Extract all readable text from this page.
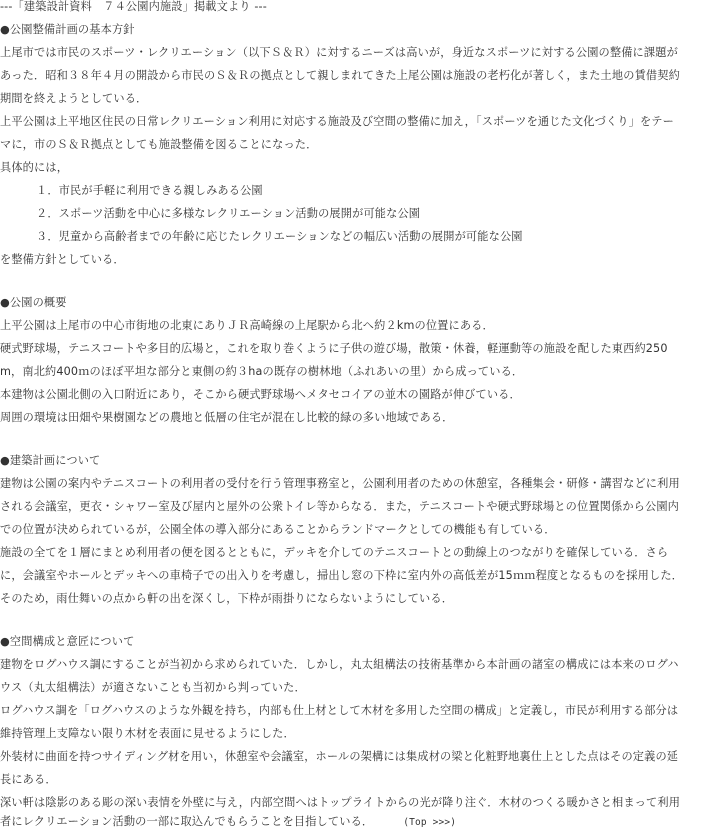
---「建築設計資料　７４公園内施設」掲載文より ---
●公園整備計画の基本方針
上尾市では市民のスポーツ・レクリエーション（以下Ｓ＆Ｒ）に対するニーズは高いが，身近なスポーツに対する公園の整備に課題が
あった．昭和３８年４月の開設から市民のＳ＆Ｒの拠点として親しまれてきた上尾公園は施設の老朽化が著しく，また土地の賃借契約
期間を終えようとしている．
上平公園は上平地区住民の日常レクリエーション利用に対応する施設及び空間の整備に加え，「スポーツを通じた文化づくり」をテー
マに，市のＳ＆Ｒ拠点としても施設整備を図ることになった．
具体的には，
１．市民が手軽に利用できる親しみある公園
２．スポーツ活動を中心に多様なレクリエーション活動の展開が可能な公園
３．児童から高齢者までの年齢に応じたレクリエーションなどの幅広い活動の展開が可能な公園
を整備方針としている．
●公園の概要
上平公園は上尾市の中心市街地の北東にありＪＲ高崎線の上尾駅から北へ約２kmの位置にある．
硬式野球場，テニスコートや多目的広場と，これを取り巻くように子供の遊び場，散策・休養，軽運動等の施設を配した東西約250
m，南北約400ｍのほぼ平坦な部分と東側の約３haの既存の樹林地（ふれあいの里）から成っている．
本建物は公園北側の入口附近にあり，そこから硬式野球場へメタセコイアの並木の園路が伸びている．
周囲の環境は田畑や果樹園などの農地と低層の住宅が混在し比較的緑の多い地域である．
●建築計画について
建物は公園の案内やテニスコートの利用者の受付を行う管理事務室と，公園利用者のための休憩室，各種集会・研修・講習などに利用
される会議室，更衣・シャワー室及び屋内と屋外の公衆トイレ等からなる．また，テニスコートや硬式野球場との位置関係から公園内
での位置が決められているが，公園全体の導入部分にあることからランドマークとしての機能も有している．
施設の全てを１層にまとめ利用者の便を図るとともに，デッキを介してのテニスコートとの動線上のつながりを確保している．さら
に，会議室やホールとデッキへの車椅子での出入りを考慮し，掃出し窓の下枠に室内外の高低差が15ｍｍ程度となるものを採用した．
そのため，雨仕舞いの点から軒の出を深くし，下枠が雨掛りにならないようにしている．
●空間構成と意匠について
建物をログハウス調にすることが当初から求められていた．しかし，丸太組構法の技術基準から本計画の諸室の構成には本来のログハ
ウス（丸太組構法）が適さないことも当初から判っていた．
ログハウス調を「ログハウスのような外観を持ち，内部も仕上材として木材を多用した空間の構成」と定義し，市民が利用する部分は
維持管理上支障ない限り木材を表面に見せるようにした．
外装材に曲面を持つサイディング材を用い，休憩室や会議室，ホールの架構には集成材の梁と化粧野地裏仕上とした点はその定義の延
長にある．
深い軒は陰影のある彫の深い表情を外壁に与え，内部空間へはトップライトからの光が降り注ぐ．木材のつくる暖かさと相まって利用
者にレクリエーション活動の一部に取込んでもらうことを目指している．	(Top >>>)
